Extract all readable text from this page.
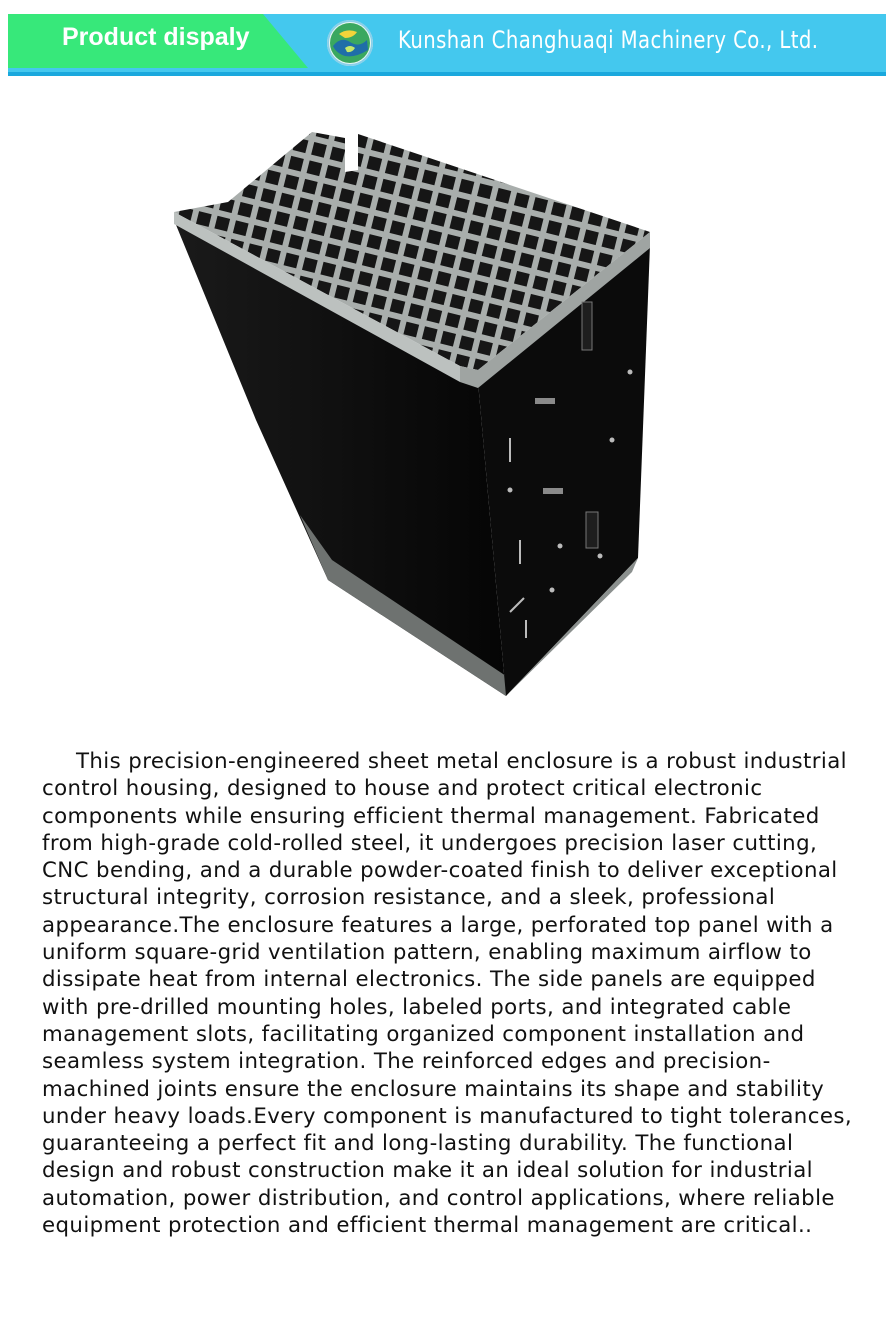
Product dispaly	Kunshan Changhuaqi Machinery Co., Ltd.

This precision-engineered sheet metal enclosure is a robust industrial control housing, designed to house and protect critical electronic components while ensuring efficient thermal management. Fabricated from high-grade cold-rolled steel, it undergoes precision laser cutting, CNC bending, and a durable powder-coated finish to deliver exceptional structural integrity, corrosion resistance, and a sleek, professional appearance.The enclosure features a large, perforated top panel with a uniform square-grid ventilation pattern, enabling maximum airflow to dissipate heat from internal electronics. The side panels are equipped with pre-drilled mounting holes, labeled ports, and integrated cable management slots, facilitating organized component installation and seamless system integration. The reinforced edges and precision-machined joints ensure the enclosure maintains its shape and stability under heavy loads.Every component is manufactured to tight tolerances, guaranteeing a perfect fit and long-lasting durability. The functional design and robust construction make it an ideal solution for industrial automation, power distribution, and control applications, where reliable equipment protection and efficient thermal management are critical..
